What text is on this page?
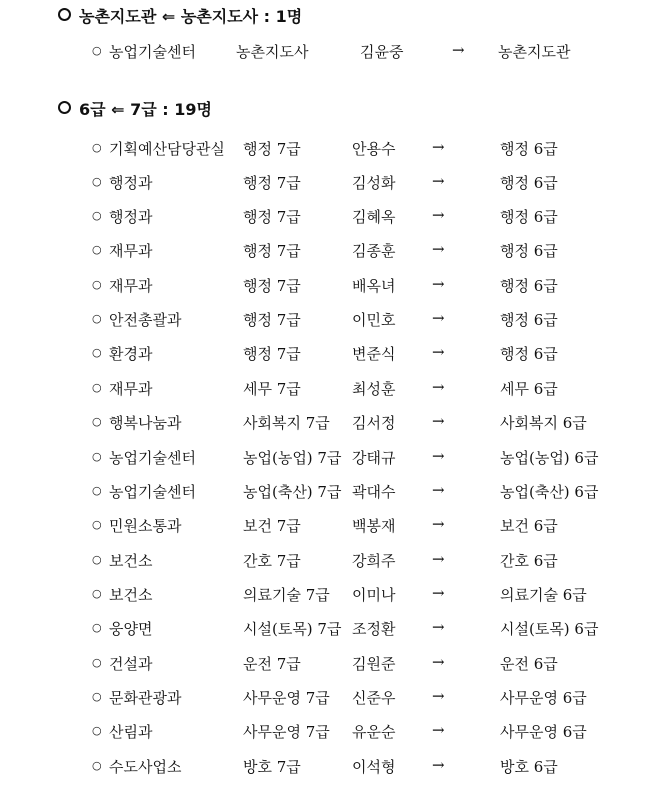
농촌지도관 ⇐ 농촌지도사 : 1명
○ 농업기술센터	농촌지도사	김윤중	→ 농촌지도관
6급 ⇐ 7급 : 19명
○ 기획예산담당관실 행정 7급	안용수 →	행정 6급
○ 행정과	행정 7급	김성화 →	행정 6급
○ 행정과	행정 7급	김혜옥 →	행정 6급
○ 재무과	행정 7급	김종훈 →	행정 6급
○ 재무과	행정 7급	배옥녀 →	행정 6급
○ 안전총괄과	행정 7급	이민호 →	행정 6급
○ 환경과	행정 7급	변준식 →	행정 6급
○ 재무과	세무 7급	최성훈 →	세무 6급
○ 행복나눔과	사회복지 7급 김서정 →	사회복지 6급
○ 농업기술센터	농업(농업) 7급 강태규 →	농업(농업) 6급
○ 농업기술센터	농업(축산) 7급 곽대수 →	농업(축산) 6급
○ 민원소통과	보건 7급	백봉재 →	보건 6급
○ 보건소	간호 7급	강희주 →	간호 6급
○ 보건소	의료기술 7급 이미나 →	의료기술 6급
○ 웅양면	시설(토목) 7급 조정환 →	시설(토목) 6급
○ 건설과	운전 7급	김원준 →	운전 6급
○ 문화관광과	사무운영 7급 신준우 →	사무운영 6급
○ 산림과	사무운영 7급 유운순 →	사무운영 6급
○ 수도사업소	방호 7급	이석형 →	방호 6급
